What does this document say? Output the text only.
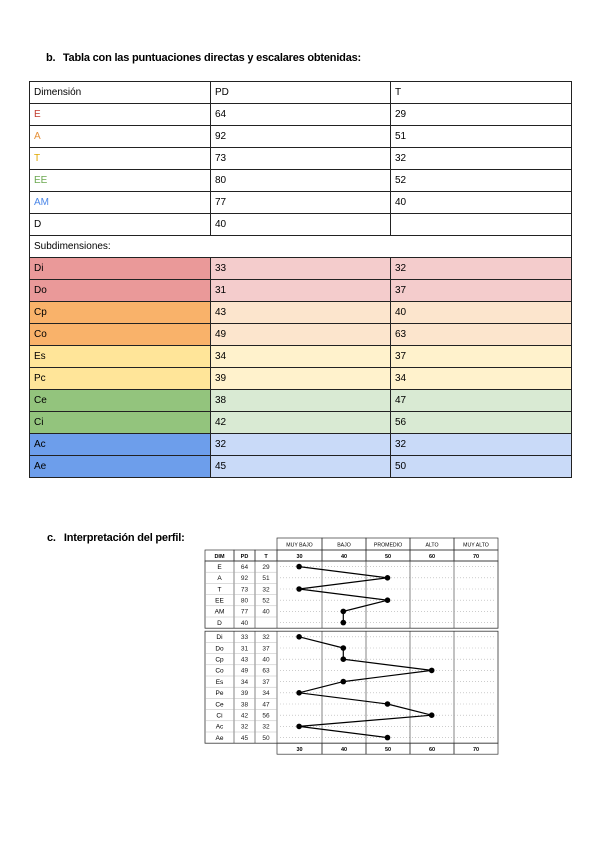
b. Tabla con las puntuaciones directas y escalares obtenidas:
Dimensión	PD	T
E	64	29
A	92	51
T	73	32
EE	80	52
AM	77	40
D	40	
Subdimensiones:		
Di	33	32
Do	31	37
Cp	43	40
Co	49	63
Es	34	37
Pc	39	34
Ce	38	47
Ci	42	56
Ac	32	32
Ae	45	50
c. Interpretación del perfil:
MUY BAJO	BAJO	PROMEDIO	ALTO	MUY ALTO
30	40	50	60	70
DIM	PD	T
E	64 29
A	92 51
T	73 32
EE	80 52
AM	77 40
D	40
Di	33 32
Do	31 37
Cp	43 40
Co	49 63
Es	34 37
Pe	39 34
Ce	38 47
Ci	42 56
Ac	32 32
Ae	45 50
30	40	50	60	70
